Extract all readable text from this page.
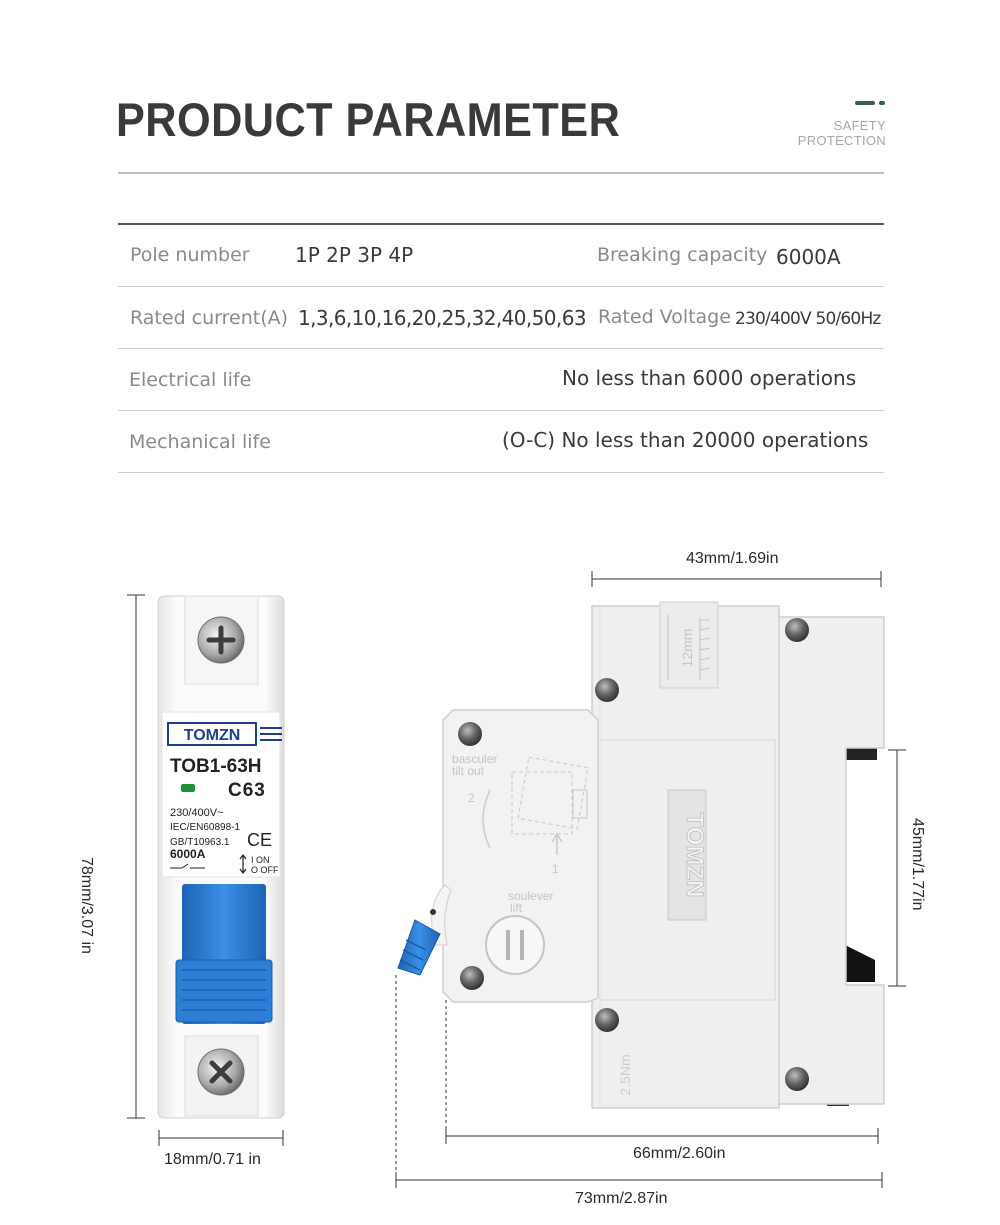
PRODUCT PARAMETER	SAFETY
PROTECTION
Pole number 1P 2P 3P 4P	Breaking capacity 6000A
Rated current(A) 1,3,6,10,16,20,25,32,40,50,63 Rated Voltage 230/400V 50/60Hz
Electrical life	No less than 6000 operations
Mechanical life	(O-C) No less than 20000 operations
TOMZN
TOB1-63H
C63
230/400V~
IEC/EN60898-1
GB/T10963.1
6000A
CE
I ON
O OFF
12mm
TOMZN
2.5Nm
basculer
tilt out
2
1
soulever
lift
78mm/3.07 in
18mm/0.71 in
43mm/1.69in
45mm/1.77in
66mm/2.60in
73mm/2.87in
